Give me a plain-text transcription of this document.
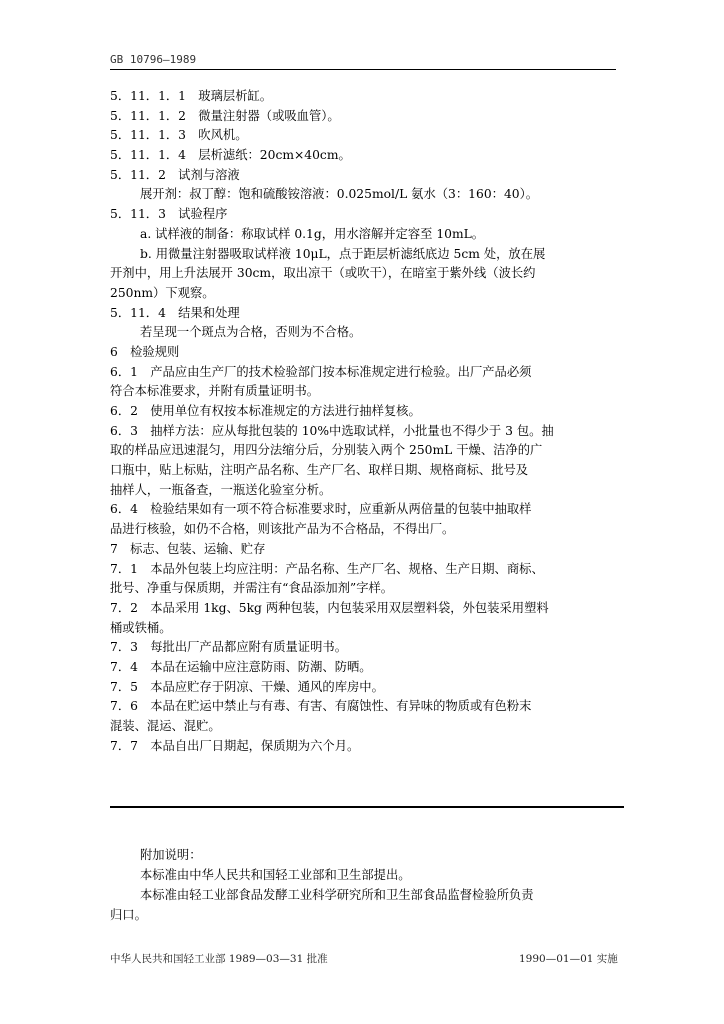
GB 10796—1989
5．11．1．1　玻璃层析缸。
5．11．1．2　微量注射器（或吸血管）。
5．11．1．3　吹风机。
5．11．1．4　层析滤纸：20cm×40cm。
5．11．2　试剂与溶液
展开剂：叔丁醇：饱和硫酸铵溶液：0.025mol/L 氨水（3：160：40）。
5．11．3　试验程序
a. 试样液的制备：称取试样 0.1g，用水溶解并定容至 10mL。
b. 用微量注射器吸取试样液 10μL，点于距层析滤纸底边 5cm 处，放在展
开剂中，用上升法展开 30cm，取出凉干（或吹干），在暗室于紫外线（波长约
250nm）下观察。
5．11．4　结果和处理
若呈现一个斑点为合格，否则为不合格。
6　检验规则
6．1　产品应由生产厂的技术检验部门按本标准规定进行检验。出厂产品必须
符合本标准要求，并附有质量证明书。
6．2　使用单位有权按本标准规定的方法进行抽样复核。
6．3　抽样方法：应从每批包装的 10%中选取试样，小批量也不得少于 3 包。抽
取的样品应迅速混匀，用四分法缩分后，分别装入两个 250mL 干燥、洁净的广
口瓶中，贴上标贴，注明产品名称、生产厂名、取样日期、规格商标、批号及
抽样人，一瓶备查，一瓶送化验室分析。
6．4　检验结果如有一项不符合标准要求时，应重新从两倍量的包装中抽取样
品进行核验，如仍不合格，则该批产品为不合格品，不得出厂。
7　标志、包装、运输、贮存
7．1　本品外包装上均应注明：产品名称、生产厂名、规格、生产日期、商标、
批号、净重与保质期，并需注有“食品添加剂”字样。
7．2　本品采用 1kg、5kg 两种包装，内包装采用双层塑料袋，外包装采用塑料
桶或铁桶。
7．3　每批出厂产品都应附有质量证明书。
7．4　本品在运输中应注意防雨、防潮、防晒。
7．5　本品应贮存于阴凉、干燥、通风的库房中。
7．6　本品在贮运中禁止与有毒、有害、有腐蚀性、有异味的物质或有色粉末
混装、混运、混贮。
7．7　本品自出厂日期起，保质期为六个月。
附加说明：
本标准由中华人民共和国轻工业部和卫生部提出。
本标准由轻工业部食品发酵工业科学研究所和卫生部食品监督检验所负责
归口。
中华人民共和国轻工业部 1989—03—31 批准	1990—01—01 实施
